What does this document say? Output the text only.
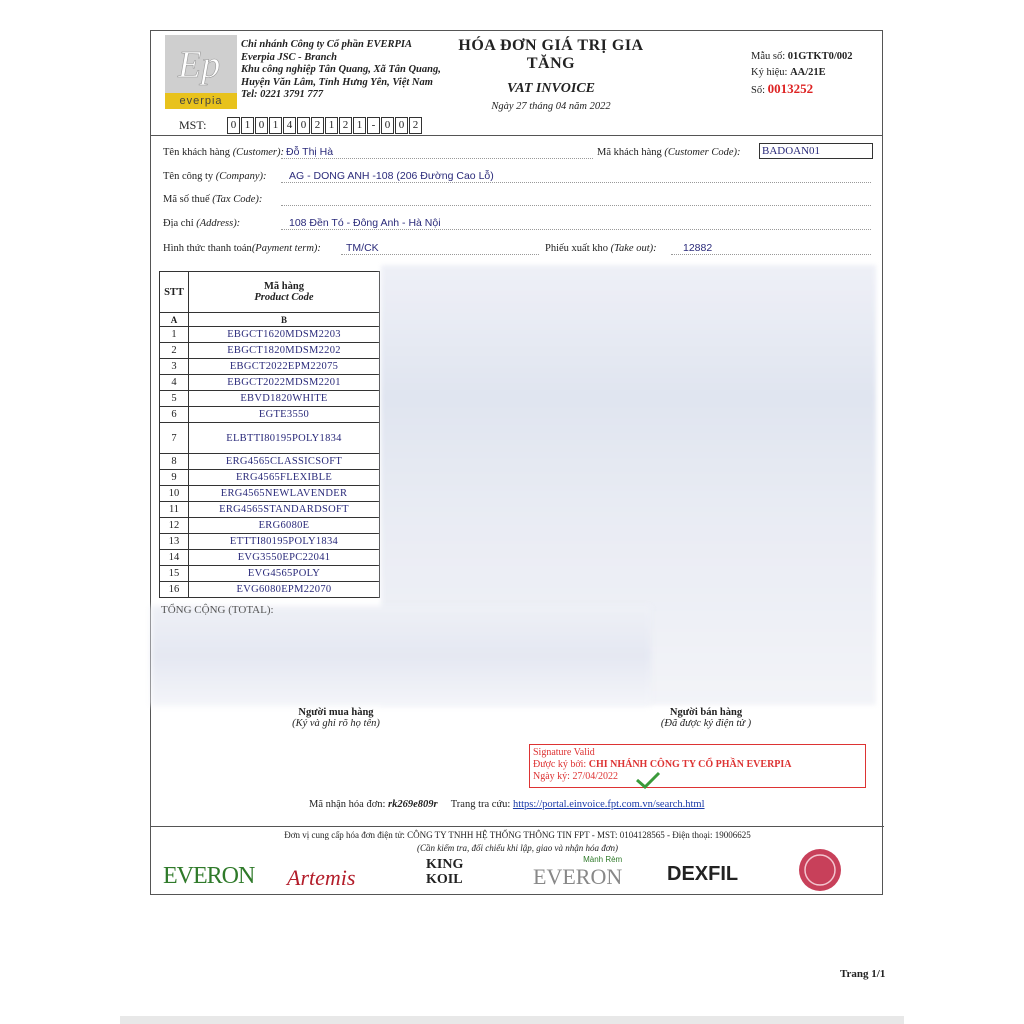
Ep
everpia
Chi nhánh Công ty Cổ phần EVERPIA
Everpia JSC - Branch
Khu công nghiệp Tân Quang, Xã Tân Quang,
Huyện Văn Lâm, Tỉnh Hưng Yên, Việt Nam
Tel: 0221 3791 777
HÓA ĐƠN GIÁ TRỊ GIA TĂNG
VAT INVOICE
Ngày 27 tháng 04 năm 2022
Mẫu số: 01GTKT0/002
Ký hiệu: AA/21E
Số: 0013252
MST:	0 1 0 1 4 0 2 1 2 1 - 0 0 2
Tên khách hàng (Customer): Đỗ Thị Hà	Mã khách hàng (Customer Code): BADOAN01
Tên công ty (Company): AG - DONG ANH -108 (206 Đường Cao Lỗ)
Mã số thuế (Tax Code):
Địa chỉ (Address):	108 Đền Tó - Đông Anh - Hà Nội
Hình thức thanh toán(Payment term): TM/CK	Phiếu xuất kho (Take out):	12882
STT	Mã hàng
Product Code

A	B
1	EBGCT1620MDSM2203
2	EBGCT1820MDSM2202
3	EBGCT2022EPM22075
4	EBGCT2022MDSM2201
5	EBVD1820WHITE
6	EGTE3550
7	ELBTTI80195POLY1834
8	ERG4565CLASSICSOFT
9	ERG4565FLEXIBLE
10	ERG4565NEWLAVENDER
11	ERG4565STANDARDSOFT
12	ERG6080E
13	ETTTI80195POLY1834
14	EVG3550EPC22041
15	EVG4565POLY
16	EVG6080EPM22070
TỔNG CỘNG (TOTAL):
Người mua hàng
(Ký và ghi rõ họ tên)
Người bán hàng
(Đã được ký điện tử )
Signature Valid
Được ký bởi: CHI NHÁNH CÔNG TY CỔ PHẦN EVERPIA
Ngày ký: 27/04/2022
Mã nhận hóa đơn: rk269e809r Trang tra cứu: https://portal.einvoice.fpt.com.vn/search.html
Đơn vị cung cấp hóa đơn điện tử: CÔNG TY TNHH HỆ THỐNG THÔNG TIN FPT - MST: 0104128565 - Điện thoại: 19006625
(Cần kiểm tra, đối chiếu khi lập, giao và nhận hóa đơn)
EVERON Artemis
KING KOIL
Mành Rèm
EVERON DEXFIL
Trang 1/1
